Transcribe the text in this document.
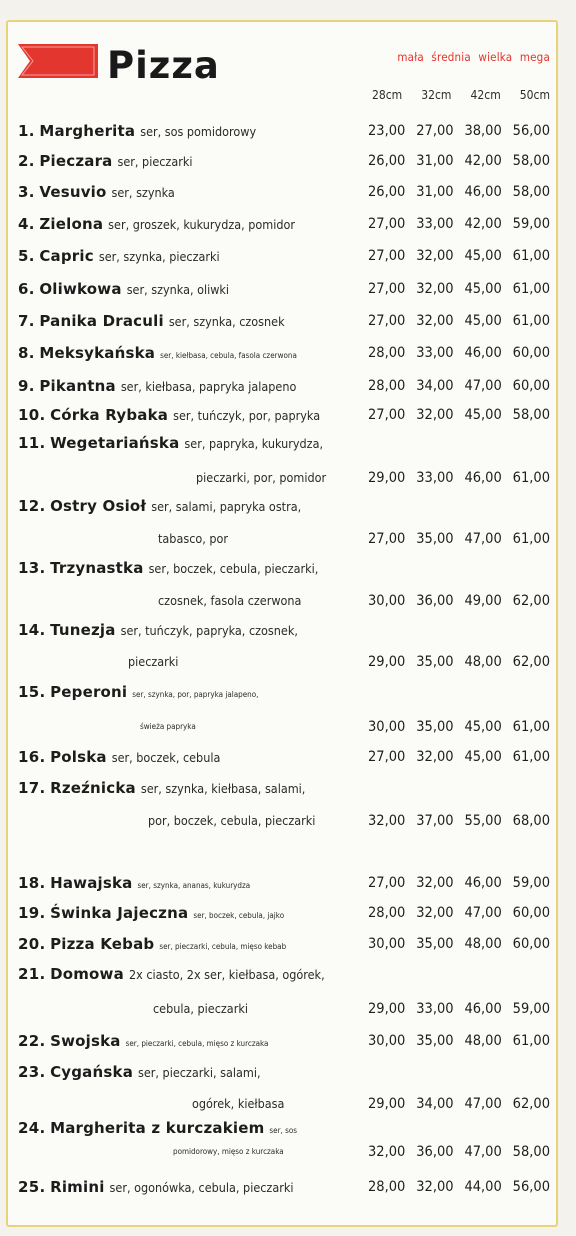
Pizza	mała średnia wielka mega
28cm 32cm 42cm 50cm
1. Margherita ser, sos pomidorowy	23,00 27,00 38,00 56,00
2. Pieczara ser, pieczarki	26,00 31,00 42,00 58,00
3. Vesuvio ser, szynka	26,00 31,00 46,00 58,00
4. Zielona ser, groszek, kukurydza, pomidor	27,00 33,00 42,00 59,00
5. Capric ser, szynka, pieczarki	27,00 32,00 45,00 61,00
6. Oliwkowa ser, szynka, oliwki	27,00 32,00 45,00 61,00
7. Panika Draculi ser, szynka, czosnek	27,00 32,00 45,00 61,00
8. Meksykańska ser, kiełbasa, cebula, fasola czerwona	28,00 33,00 46,00 60,00
9. Pikantna ser, kiełbasa, papryka jalapeno	28,00 34,00 47,00 60,00
10. Córka Rybaka ser, tuńczyk, por, papryka	27,00 32,00 45,00 58,00
11. Wegetariańska ser, papryka, kukurydza,
pieczarki, por, pomidor	29,00 33,00 46,00 61,00
12. Ostry Osioł ser, salami, papryka ostra,
tabasco, por	27,00 35,00 47,00 61,00
13. Trzynastka ser, boczek, cebula, pieczarki,
czosnek, fasola czerwona	30,00 36,00 49,00 62,00
14. Tunezja ser, tuńczyk, papryka, czosnek,
pieczarki	29,00 35,00 48,00 62,00
15. Peperoni ser, szynka, por, papryka jalapeno,
świeża papryka	30,00 35,00 45,00 61,00
16. Polska ser, boczek, cebula	27,00 32,00 45,00 61,00
17. Rzeźnicka ser, szynka, kiełbasa, salami,
por, boczek, cebula, pieczarki	32,00 37,00 55,00 68,00
18. Hawajska ser, szynka, ananas, kukurydza	27,00 32,00 46,00 59,00
19. Świnka Jajeczna ser, boczek, cebula, jajko	28,00 32,00 47,00 60,00
20. Pizza Kebab ser, pieczarki, cebula, mięso kebab	30,00 35,00 48,00 60,00
21. Domowa 2x ciasto, 2x ser, kiełbasa, ogórek,
cebula, pieczarki	29,00 33,00 46,00 59,00
22. Swojska ser, pieczarki, cebula, mięso z kurczaka	30,00 35,00 48,00 61,00
23. Cygańska ser, pieczarki, salami,
ogórek, kiełbasa	29,00 34,00 47,00 62,00
24. Margherita z kurczakiem ser, sos
pomidorowy, mięso z kurczaka	32,00 36,00 47,00 58,00
25. Rimini ser, ogonówka, cebula, pieczarki	28,00 32,00 44,00 56,00
